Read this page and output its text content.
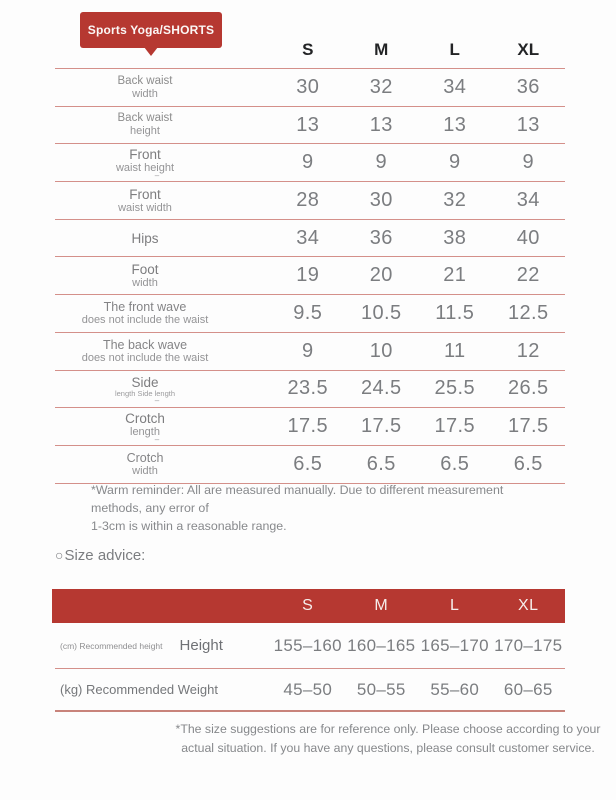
Sports Yoga/SHORTS
S	M	L	XL
Back waist
width	30	32	34	36
Back waist
height	13	13	13	13
Front
waist height
–
9	9	9	9
Front
waist width	28	30	32	34
Hips	34	36	38	40
Foot
width	19	20	21	22
The front wave
does not include the waist	9.5	10.5	11.5	12.5
The back wave
does not include the waist	9	10	11	12
Side
length Side length
–
23.5	24.5	25.5	26.5
Crotch
length
–
17.5	17.5	17.5	17.5
Crotch
width	6.5	6.5	6.5	6.5
*Warm reminder: All are measured manually. Due to different measurement methods, any error of
1-3cm is within a reasonable range.
○Size advice:
S	M	L	XL
(cm) Recommended height Height	155–160 160–165 165–170 170–175
(kg) Recommended Weight	45–50	50–55	55–60	60–65
*The size suggestions are for reference only. Please choose according to your
actual situation. If you have any questions, please consult customer service.
